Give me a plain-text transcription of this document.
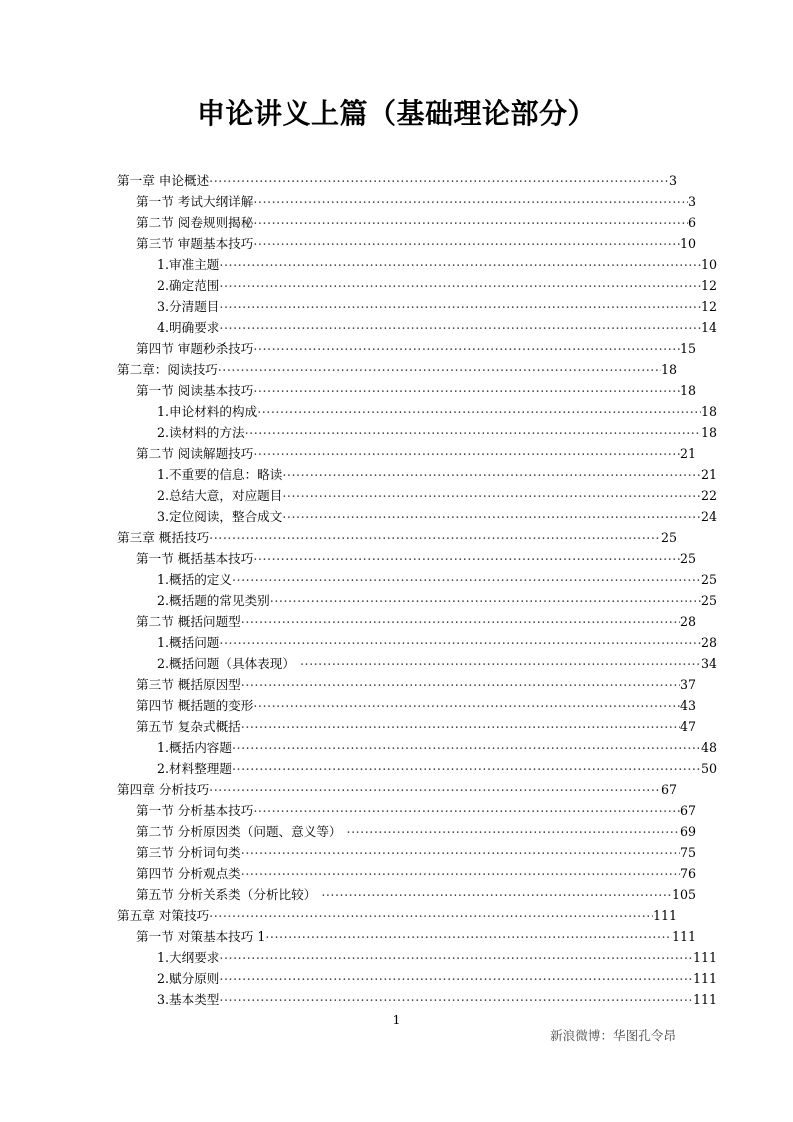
申论讲义上篇（基础理论部分）
第一章 申论概述 .....	3
第一节 考试大纲详解 .....	3
第二节 阅卷规则揭秘 .....	6
第三节 审题基本技巧 .....	10
1.审准主题 .....	10
2.确定范围 .....	12
3.分清题目 .....	12
4.明确要求 .....	14
第四节 审题秒杀技巧 .....	15
第二章：阅读技巧 .....	18
第一节 阅读基本技巧 .....	18
1.申论材料的构成 .....	18
2.读材料的方法 .....	18
第二节 阅读解题技巧 .....	21
1.不重要的信息：略读 .....	21
2.总结大意，对应题目 .....	22
3.定位阅读，整合成文 .....	24
第三章 概括技巧 .....	25
第一节 概括基本技巧 .....	25
1.概括的定义 .....	25
2.概括题的常见类别 .....	25
第二节 概括问题型 .....	28
1.概括问题 .....	28
2.概括问题（具体表现） .....	34
第三节 概括原因型 .....	37
第四节 概括题的变形 .....	43
第五节 复杂式概括 .....	47
1.概括内容题 .....	48
2.材料整理题 .....	50
第四章 分析技巧 .....	67
第一节 分析基本技巧 .....	67
第二节 分析原因类（问题、意义等） .....	69
第三节 分析词句类 .....	75
第四节 分析观点类 .....	76
第五节 分析关系类（分析比较） .....	105
第五章 对策技巧 .....	111
第一节 对策基本技巧 1 .....	111
1.大纲要求 .....	111
2.赋分原则 .....	111
3.基本类型 .....	111
1
新浪微博：华图孔令昂
